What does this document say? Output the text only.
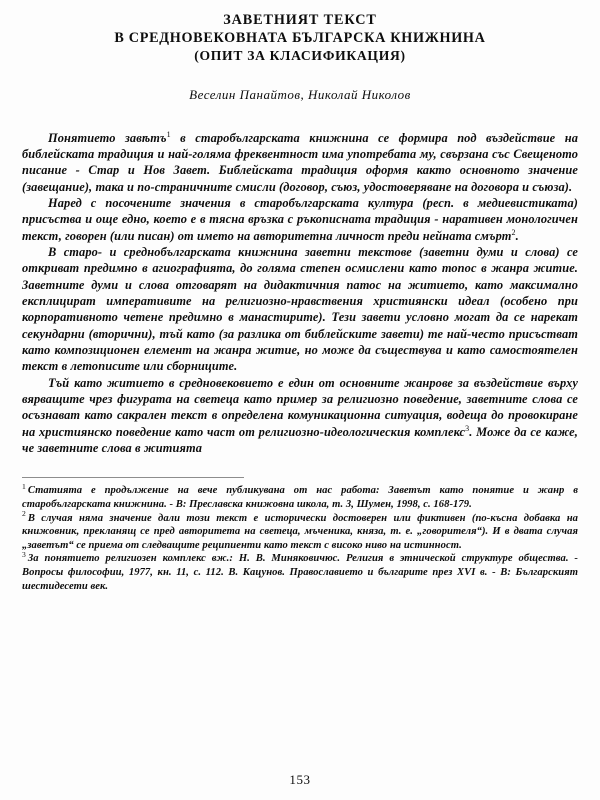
ЗАВЕТНИЯТ ТЕКСТ
В СРЕДНОВЕКОВНАТА БЪЛГАРСКА КНИЖНИНА
(ОПИТ ЗА КЛАСИФИКАЦИЯ)
Веселин Панайтов, Николай Николов

Понятието завѣтъ$^1$ в старобългарската книжнина се формира под въздействие на библейската традиция и най-голяма фреквентност има употребата му, свързана със Свещеното писание - Стар и Нов Завет. Библейската традиция оформя както основното значение (завещание), така и по-страничните смисли (договор, съюз, удостоверяване на договора и съюза).

Наред с посочените значения в старобългарската култура (респ. в медиевистиката) присъства и още едно, което е в тясна връзка с ръкописната традиция - наративен монологичен текст, говорен (или писан) от името на авторитетна личност преди нейната смърт$^2$.

В старо- и среднобългарската книжнина заветни текстове (заветни думи и слова) се откриват предимно в агиографията, до голяма степен осмислени като топос в жанра житие. Заветните думи и слова отговарят на дидактичния патос на житието, като максимално експлицират императивите на религиозно-нравствения християнски идеал (особено при корпоративното четене предимно в манастирите). Тези завети условно могат да се нарекат секундарни (вторични), тъй като (за разлика от библейските завети) те най-често присъстват като композиционен елемент на жанра житие, но може да съществува и като самостоятелен текст в летописите или сборниците.

Тъй като житието в средновековието е един от основните жанрове за въздействие върху вярващите чрез фигурата на светеца като пример за религиозно поведение, заветните слова се осъзнават като сакрален текст в определена комуникационна ситуация, водеща до провокиране на християнско поведение като част от религиозно-идеологическия комплекс$^3$. Може да се каже, че заветните слова в житията

$^1$ Статията е продължение на вече публикувана от нас работа: Заветът като понятие и жанр в старобългарската книжнина. - В: Преславска книжовна школа, т. 3, Шумен, 1998, с. 168-179.

$^2$ В случая няма значение дали този текст е исторически достоверен или фиктивен (по-късна добавка на книжовник, прекланящ се пред авторитета на светеца, мъченика, княза, т. е. „говорителя“). И в двата случая „заветът“ се приема от следващите реципиенти като текст с високо ниво на истинност.

$^3$ За понятието религиозен комплекс вж.: Н. В. Миняковичюс. Религия в этнической структуре общества. - Вопросы философии, 1977, кн. 11, с. 112. В. Кацунов. Православието и българите през XVI в. - В: Българският шестидесети век.

153
